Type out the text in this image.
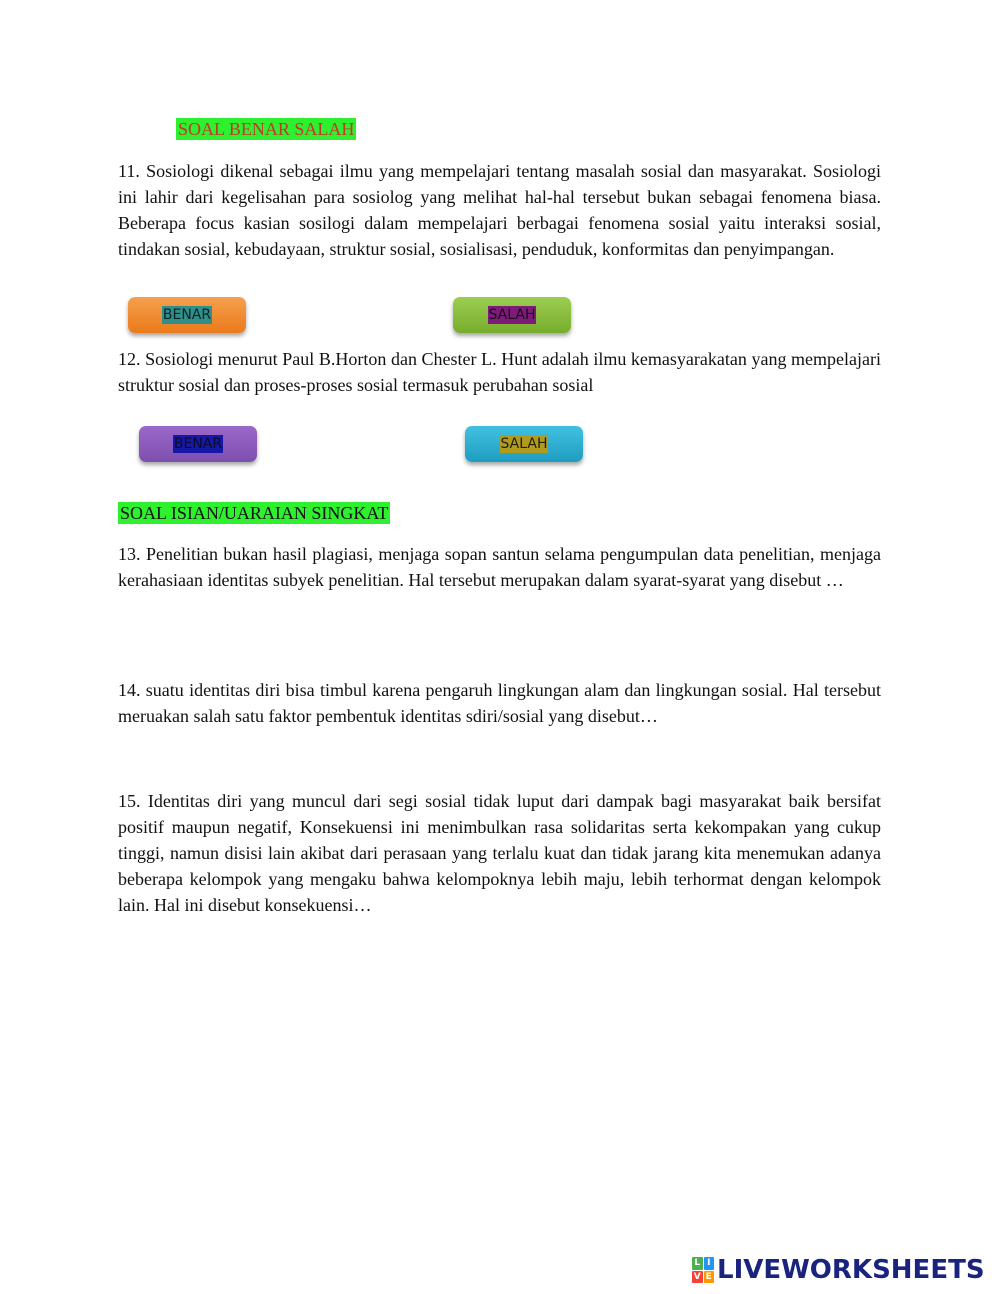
SOAL BENAR SALAH

11. Sosiologi dikenal sebagai ilmu yang mempelajari tentang masalah sosial dan masyarakat. Sosiologi ini lahir dari kegelisahan para sosiolog yang melihat hal-hal tersebut bukan sebagai fenomena biasa. Beberapa focus kasian sosilogi dalam mempelajari berbagai fenomena sosial yaitu interaksi sosial, tindakan sosial, kebudayaan, struktur sosial, sosialisasi, penduduk, konformitas dan penyimpangan.

BENAR	SALAH

12. Sosiologi menurut Paul B.Horton dan Chester L. Hunt adalah ilmu kemasyarakatan yang mempelajari struktur sosial dan proses-proses sosial termasuk perubahan sosial

BENAR	SALAH
SOAL ISIAN/UARAIAN SINGKAT

13. Penelitian bukan hasil plagiasi, menjaga sopan santun selama pengumpulan data penelitian, menjaga kerahasiaan identitas subyek penelitian. Hal tersebut merupakan dalam syarat-syarat yang disebut …

14. suatu identitas diri bisa timbul karena pengaruh lingkungan alam dan lingkungan sosial. Hal tersebut meruakan salah satu faktor pembentuk identitas sdiri/sosial yang disebut…

15. Identitas diri yang muncul dari segi sosial tidak luput dari dampak bagi masyarakat baik bersifat positif maupun negatif, Konsekuensi ini menimbulkan rasa solidaritas serta kekompakan yang cukup tinggi, namun disisi lain akibat dari perasaan yang terlalu kuat dan tidak jarang kita menemukan adanya beberapa kelompok yang mengaku bahwa kelompoknya lebih maju, lebih terhormat dengan kelompok lain. Hal ini disebut konsekuensi…

L I
V E LIVEWORKSHEETS
